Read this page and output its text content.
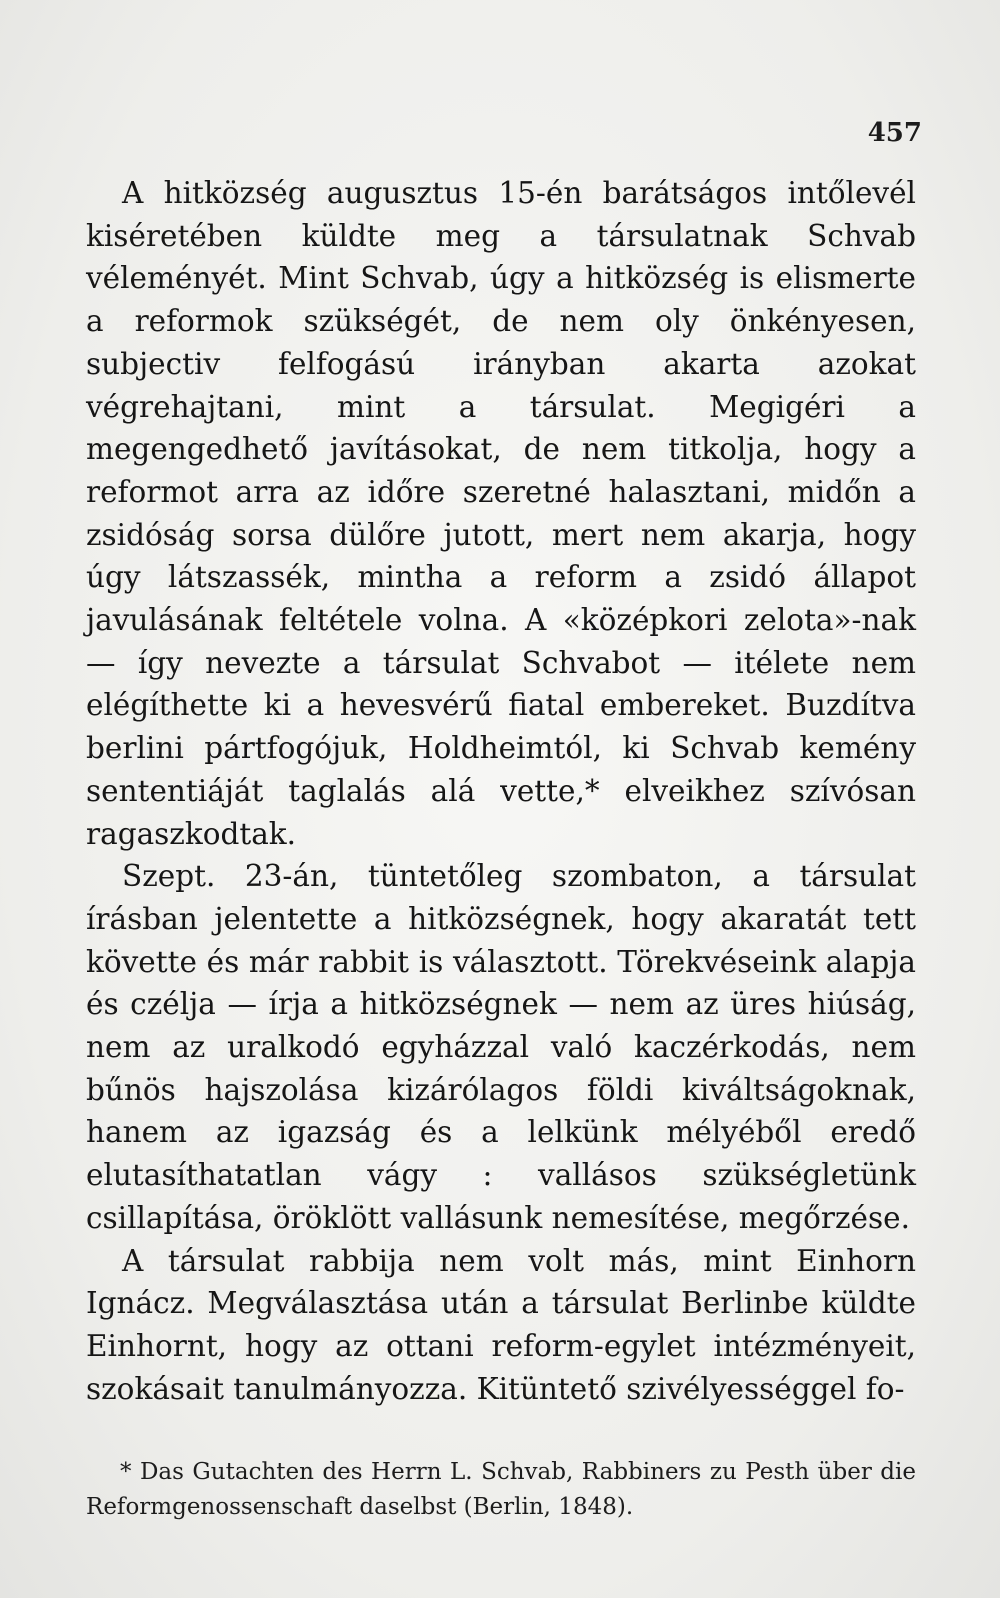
457

A hitközség augusztus 15-én barátságos intőlevél kiséretében küldte meg a társulatnak Schvab véleményét. Mint Schvab, úgy a hitközség is elismerte a reformok szükségét, de nem oly önkényesen, subjectiv felfogású irányban akarta azokat végrehajtani, mint a társulat. Megigéri a megengedhető javításokat, de nem titkolja, hogy a reformot arra az időre szeretné halasztani, midőn a zsidóság sorsa dülőre jutott, mert nem akarja, hogy úgy látszassék, mintha a reform a zsidó állapot javulásának feltétele volna. A «középkori zelota»-nak — így nevezte a társulat Schvabot — itélete nem elégíthette ki a hevesvérű fiatal embereket. Buzdítva berlini pártfogójuk, Holdheimtól, ki Schvab kemény sententiáját taglalás alá vette,* elveikhez szívósan ragaszkodtak.

Szept. 23-án, tüntetőleg szombaton, a társulat írásban jelentette a hitközségnek, hogy akaratát tett követte és már rabbit is választott. Törekvéseink alapja és czélja — írja a hitközségnek — nem az üres hiúság, nem az uralkodó egyházzal való kaczérkodás, nem bűnös hajszolása kizárólagos földi kiváltságoknak, hanem az igazság és a lelkünk mélyéből eredő elutasíthatatlan vágy : vallásos szükségletünk csillapítása, öröklött vallásunk nemesítése, megőrzése.

A társulat rabbija nem volt más, mint Einhorn Ignácz. Megválasztása után a társulat Berlinbe küldte Einhornt, hogy az ottani reform-egylet intézményeit, szokásait tanulmányozza. Kitüntető szivélyességgel fo-

* Das Gutachten des Herrn L. Schvab, Rabbiners zu Pesth über die Reformgenossenschaft daselbst (Berlin, 1848).
